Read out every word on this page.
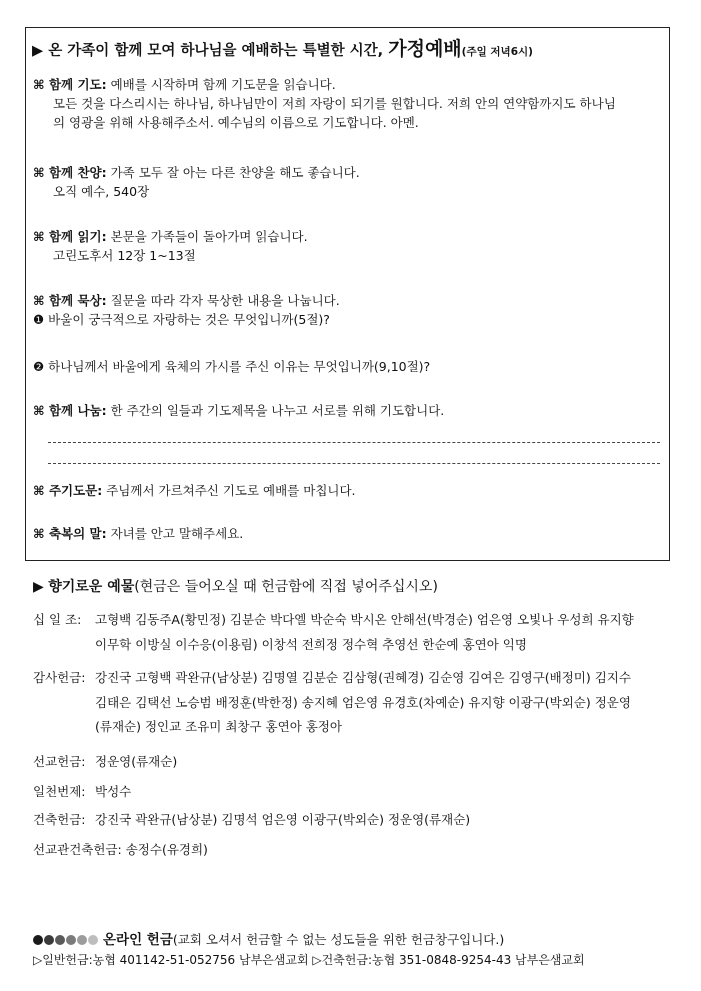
▶ 온 가족이 함께 모여 하나님을 예배하는 특별한 시간, 가정예배(주일 저녁6시)
⌘ 함께 기도: 예배를 시작하며 함께 기도문을 읽습니다.
모든 것을 다스리시는 하나님, 하나님만이 저희 자랑이 되기를 원합니다. 저희 안의 연약함까지도 하나님
의 영광을 위해 사용해주소서. 예수님의 이름으로 기도합니다. 아멘.
⌘ 함께 찬양: 가족 모두 잘 아는 다른 찬양을 해도 좋습니다.
오직 예수, 540장
⌘ 함께 읽기: 본문을 가족들이 돌아가며 읽습니다.
고린도후서 12장 1~13절
⌘ 함께 묵상: 질문을 따라 각자 묵상한 내용을 나눕니다.
❶ 바울이 궁극적으로 자랑하는 것은 무엇입니까(5절)?
❷ 하나님께서 바울에게 육체의 가시를 주신 이유는 무엇입니까(9,10절)?
⌘ 함께 나눔: 한 주간의 일들과 기도제목을 나누고 서로를 위해 기도합니다.
⌘ 주기도문: 주님께서 가르쳐주신 기도로 예배를 마칩니다.
⌘ 축복의 말: 자녀를 안고 말해주세요.
▶ 향기로운 예물(현금은 들어오실 때 헌금함에 직접 넣어주십시오)
십 일 조: 고형백 김동주A(황민정) 김분순 박다엘 박순숙 박시온 안해선(박경순) 엄은영 오빛나 우성희 유지향
이무학 이방실 이수응(이용림) 이창석 전희정 정수혁 추영선 한순예 홍연아 익명
감사헌금: 강진국 고형백 곽완규(남상분) 김명열 김분순 김삼형(권혜경) 김순영 김여은 김영구(배정미) 김지수
김태은 김택선 노승범 배정훈(박한정) 송지혜 엄은영 유경호(차예순) 유지향 이광구(박외순) 정운영
(류재순) 정인교 조유미 최창구 홍연아 홍정아
선교헌금: 정운영(류재순)
일천번제: 박성수
건축헌금: 강진국 곽완규(남상분) 김명석 엄은영 이광구(박외순) 정운영(류재순)
선교관건축헌금: 송정수(유경희)
온라인 헌금(교회 오셔서 헌금할 수 없는 성도들을 위한 헌금창구입니다.)
▷일반헌금:농협 401142-51-052756 남부은샘교회 ▷건축헌금:농협 351-0848-9254-43 남부은샘교회
